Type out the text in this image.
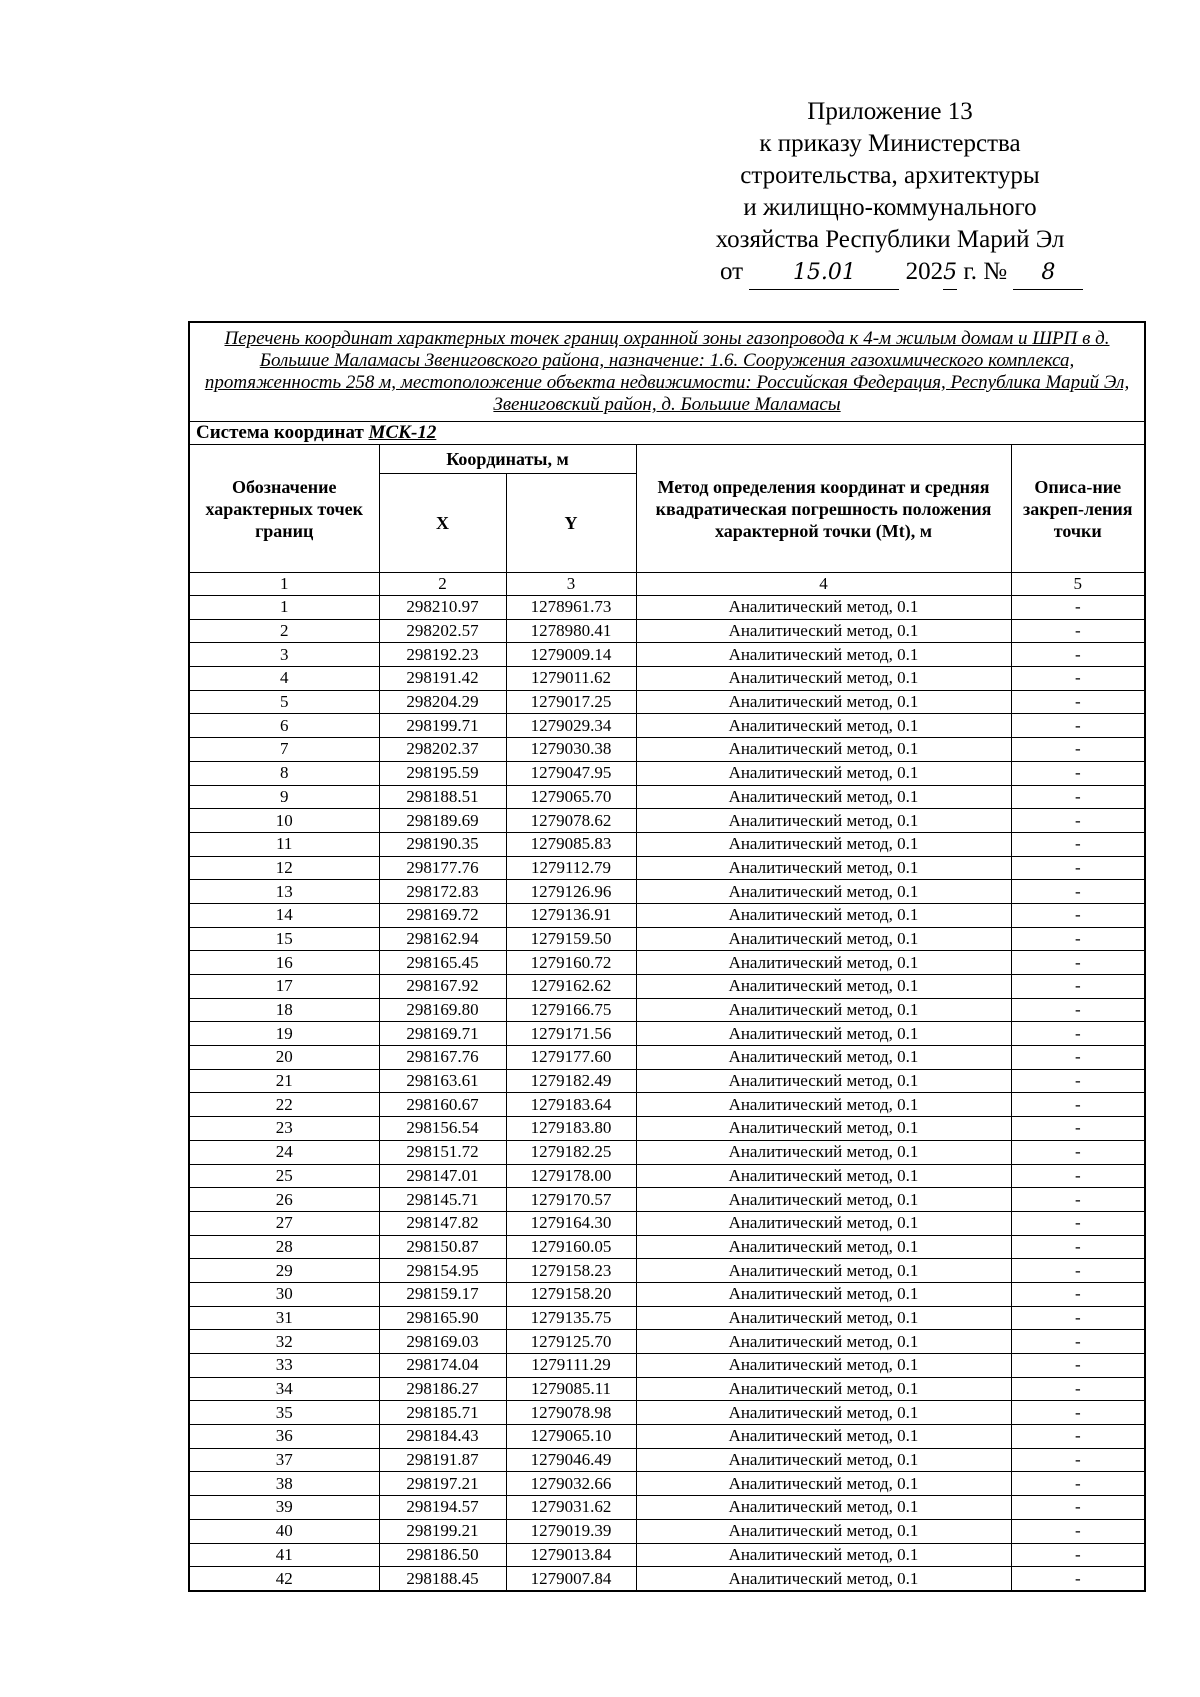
Приложение 13
к приказу Министерства
строительства, архитектуры
и жилищно-коммунального
хозяйства Республики Марий Эл
от 15.01 2025 г. № 8
Перечень координат характерных точек границ охранной зоны газопровода к 4-м жилым домам и ШРП в д. Большие Маламасы Звениговского района, назначение: 1.6. Сооружения газохимического комплекса, протяженность 258 м, местоположение объекта недвижимости: Российская Федерация, Республика Марий Эл, Звениговский район, д. Большие Маламасы				
Система координат МСК-12				
Обозначение характерных точек границ	Координаты, м		Метод определения координат и средняя квадратическая погрешность положения характерной точки (Mt), м	Описа-ние закреп-ления точки
	X	Y		
1	2	3	4	5
1	298210.97	1278961.73	Аналитический метод, 0.1	-
2	298202.57	1278980.41	Аналитический метод, 0.1	-
3	298192.23	1279009.14	Аналитический метод, 0.1	-
4	298191.42	1279011.62	Аналитический метод, 0.1	-
5	298204.29	1279017.25	Аналитический метод, 0.1	-
6	298199.71	1279029.34	Аналитический метод, 0.1	-
7	298202.37	1279030.38	Аналитический метод, 0.1	-
8	298195.59	1279047.95	Аналитический метод, 0.1	-
9	298188.51	1279065.70	Аналитический метод, 0.1	-
10	298189.69	1279078.62	Аналитический метод, 0.1	-
11	298190.35	1279085.83	Аналитический метод, 0.1	-
12	298177.76	1279112.79	Аналитический метод, 0.1	-
13	298172.83	1279126.96	Аналитический метод, 0.1	-
14	298169.72	1279136.91	Аналитический метод, 0.1	-
15	298162.94	1279159.50	Аналитический метод, 0.1	-
16	298165.45	1279160.72	Аналитический метод, 0.1	-
17	298167.92	1279162.62	Аналитический метод, 0.1	-
18	298169.80	1279166.75	Аналитический метод, 0.1	-
19	298169.71	1279171.56	Аналитический метод, 0.1	-
20	298167.76	1279177.60	Аналитический метод, 0.1	-
21	298163.61	1279182.49	Аналитический метод, 0.1	-
22	298160.67	1279183.64	Аналитический метод, 0.1	-
23	298156.54	1279183.80	Аналитический метод, 0.1	-
24	298151.72	1279182.25	Аналитический метод, 0.1	-
25	298147.01	1279178.00	Аналитический метод, 0.1	-
26	298145.71	1279170.57	Аналитический метод, 0.1	-
27	298147.82	1279164.30	Аналитический метод, 0.1	-
28	298150.87	1279160.05	Аналитический метод, 0.1	-
29	298154.95	1279158.23	Аналитический метод, 0.1	-
30	298159.17	1279158.20	Аналитический метод, 0.1	-
31	298165.90	1279135.75	Аналитический метод, 0.1	-
32	298169.03	1279125.70	Аналитический метод, 0.1	-
33	298174.04	1279111.29	Аналитический метод, 0.1	-
34	298186.27	1279085.11	Аналитический метод, 0.1	-
35	298185.71	1279078.98	Аналитический метод, 0.1	-
36	298184.43	1279065.10	Аналитический метод, 0.1	-
37	298191.87	1279046.49	Аналитический метод, 0.1	-
38	298197.21	1279032.66	Аналитический метод, 0.1	-
39	298194.57	1279031.62	Аналитический метод, 0.1	-
40	298199.21	1279019.39	Аналитический метод, 0.1	-
41	298186.50	1279013.84	Аналитический метод, 0.1	-
42	298188.45	1279007.84	Аналитический метод, 0.1	-
